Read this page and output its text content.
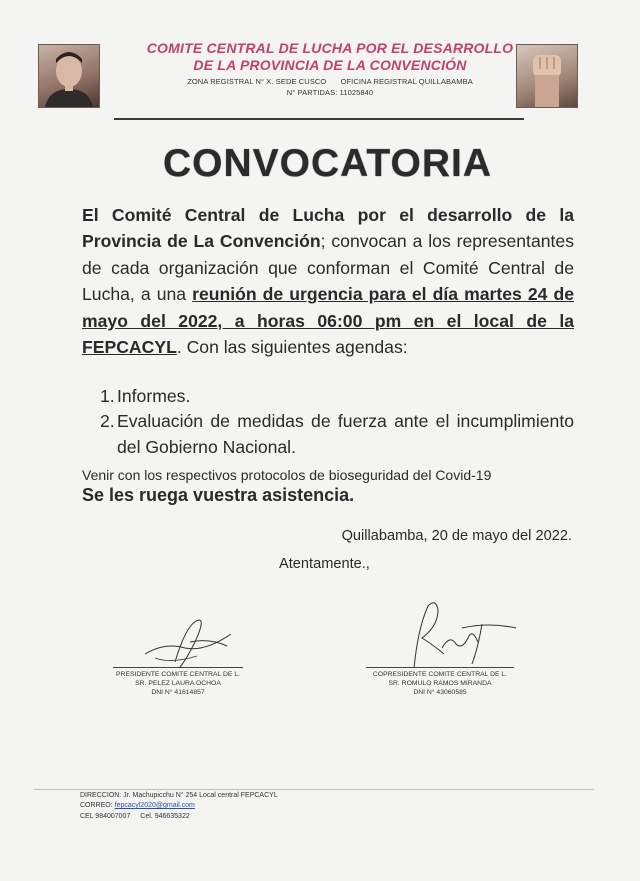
COMITE CENTRAL DE LUCHA POR EL DESARROLLO
DE LA PROVINCIA DE LA CONVENCIÓN
ZONA REGISTRAL N° X. SEDE CUSCO OFICINA REGISTRAL QUILLABAMBA
N° PARTIDAS: 11025840
CONVOCATORIA
El Comité Central de Lucha por el desarrollo de la Provincia de La Convención; convocan a los representantes de cada organización que conforman el Comité Central de Lucha, a una reunión de urgencia para el día martes 24 de mayo del 2022, a horas 06:00 pm en el local de la FEPCACYL. Con las siguientes agendas:
1. Informes.
2. Evaluación de medidas de fuerza ante el incumplimiento del Gobierno Nacional.
Venir con los respectivos protocolos de bioseguridad del Covid-19
Se les ruega vuestra asistencia.
Quillabamba, 20 de mayo del 2022.
Atentamente.,
PRESIDENTE COMITE CENTRAL DE L.
SR. PELEZ LAURA OCHOA
DNI N° 41614857
COPRESIDENTE COMITE CENTRAL DE L.
SR. ROMULO RAMOS MIRANDA
DNI N° 43060585
DIRECCION: Jr. Machupicchu N° 254 Local central FEPCACYL
CORREO: fepcacyl2020@gmail.com
CEL 984007007 Cel. 946635322
